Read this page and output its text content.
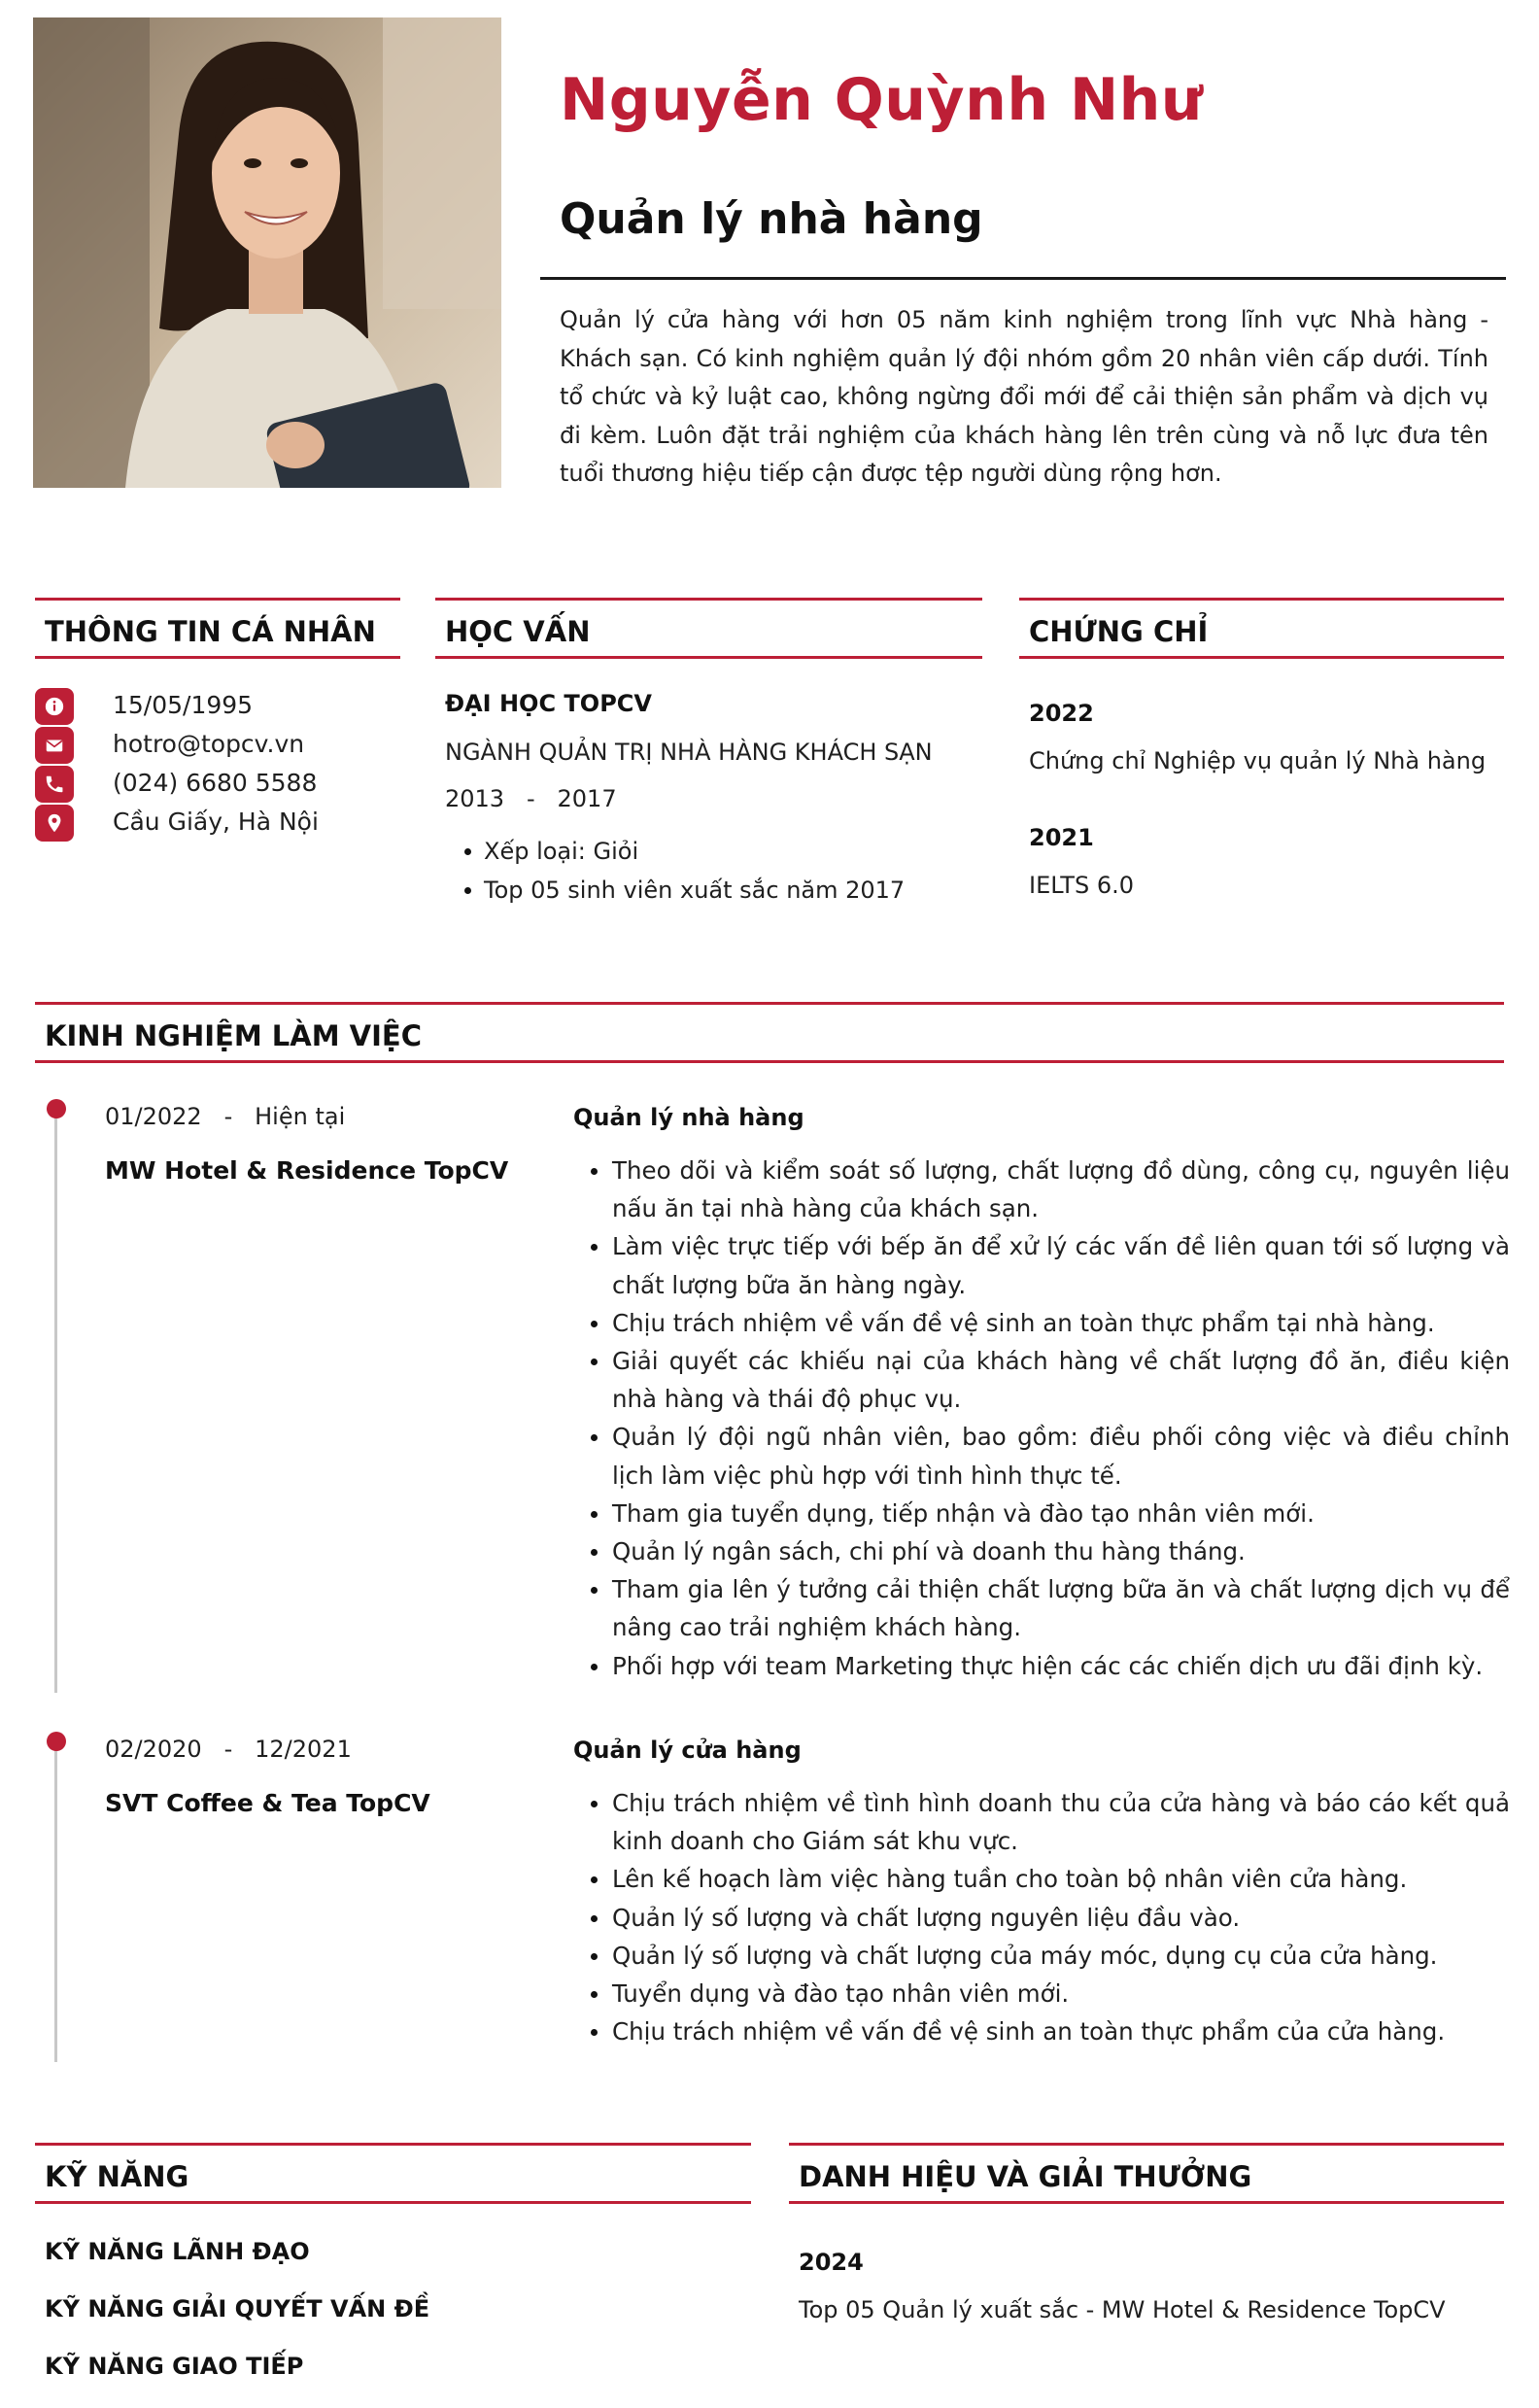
Nguyễn Quỳnh Như
Quản lý nhà hàng
Quản lý cửa hàng với hơn 05 năm kinh nghiệm trong lĩnh vực Nhà hàng - Khách sạn. Có kinh nghiệm quản lý đội nhóm gồm 20 nhân viên cấp dưới. Tính tổ chức và kỷ luật cao, không ngừng đổi mới để cải thiện sản phẩm và dịch vụ đi kèm. Luôn đặt trải nghiệm của khách hàng lên trên cùng và nỗ lực đưa tên tuổi thương hiệu tiếp cận được tệp người dùng rộng hơn.
THÔNG TIN CÁ NHÂN
15/05/1995
hotro@topcv.vn
(024) 6680 5588
Cầu Giấy, Hà Nội
HỌC VẤN
ĐẠI HỌC TOPCV
NGÀNH QUẢN TRỊ NHÀ HÀNG KHÁCH SẠN
2013   -   2017
Xếp loại: Giỏi
Top 05 sinh viên xuất sắc năm 2017
CHỨNG CHỈ
2022
Chứng chỉ Nghiệp vụ quản lý Nhà hàng
2021
IELTS 6.0
KINH NGHIỆM LÀM VIỆC
01/2022   -   Hiện tại
MW Hotel & Residence TopCV
Quản lý nhà hàng
Theo dõi và kiểm soát số lượng, chất lượng đồ dùng, công cụ, nguyên liệu nấu ăn tại nhà hàng của khách sạn.
Làm việc trực tiếp với bếp ăn để xử lý các vấn đề liên quan tới số lượng và chất lượng bữa ăn hàng ngày.
Chịu trách nhiệm về vấn đề vệ sinh an toàn thực phẩm tại nhà hàng.
Giải quyết các khiếu nại của khách hàng về chất lượng đồ ăn, điều kiện nhà hàng và thái độ phục vụ.
Quản lý đội ngũ nhân viên, bao gồm: điều phối công việc và điều chỉnh lịch làm việc phù hợp với tình hình thực tế.
Tham gia tuyển dụng, tiếp nhận và đào tạo nhân viên mới.
Quản lý ngân sách, chi phí và doanh thu hàng tháng.
Tham gia lên ý tưởng cải thiện chất lượng bữa ăn và chất lượng dịch vụ để nâng cao trải nghiệm khách hàng.
Phối hợp với team Marketing thực hiện các các chiến dịch ưu đãi định kỳ.
02/2020   -   12/2021
SVT Coffee & Tea TopCV
Quản lý cửa hàng
Chịu trách nhiệm về tình hình doanh thu của cửa hàng và báo cáo kết quả kinh doanh cho Giám sát khu vực.
Lên kế hoạch làm việc hàng tuần cho toàn bộ nhân viên cửa hàng.
Quản lý số lượng và chất lượng nguyên liệu đầu vào.
Quản lý số lượng và chất lượng của máy móc, dụng cụ của cửa hàng.
Tuyển dụng và đào tạo nhân viên mới.
Chịu trách nhiệm về vấn đề vệ sinh an toàn thực phẩm của cửa hàng.
KỸ NĂNG
KỸ NĂNG LÃNH ĐẠO
KỸ NĂNG GIẢI QUYẾT VẤN ĐỀ
KỸ NĂNG GIAO TIẾP
DANH HIỆU VÀ GIẢI THƯỞNG
2024
Top 05 Quản lý xuất sắc - MW Hotel & Residence TopCV
